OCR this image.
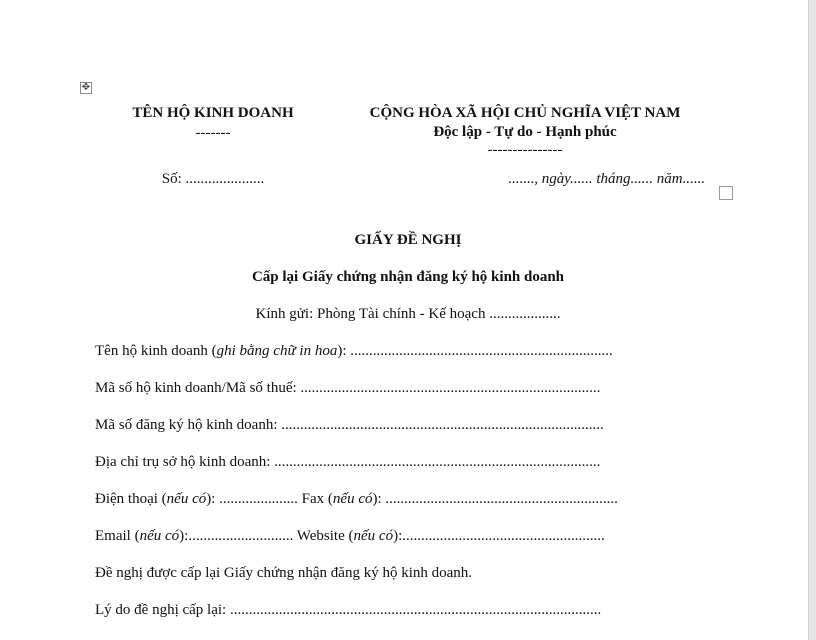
✥
TÊN HỘ KINH DOANH
-------
Số: .....................
CỘNG HÒA XÃ HỘI CHỦ NGHĨA VIỆT NAM
Độc lập - Tự do - Hạnh phúc
---------------
......., ngày...... tháng...... năm......
GIẤY ĐỀ NGHỊ
Cấp lại Giấy chứng nhận đăng ký hộ kinh doanh
Kính gửi: Phòng Tài chính - Kế hoạch ...................
Tên hộ kinh doanh (ghi bằng chữ in hoa): ......................................................................
Mã số hộ kinh doanh/Mã số thuế: ................................................................................
Mã số đăng ký hộ kinh doanh: ......................................................................................
Địa chỉ trụ sở hộ kinh doanh: .......................................................................................
Điện thoại (nếu có): ..................... Fax (nếu có): ..............................................................
Email (nếu có):............................ Website (nếu có):......................................................
Đề nghị được cấp lại Giấy chứng nhận đăng ký hộ kinh doanh.
Lý do đề nghị cấp lại: ...................................................................................................
